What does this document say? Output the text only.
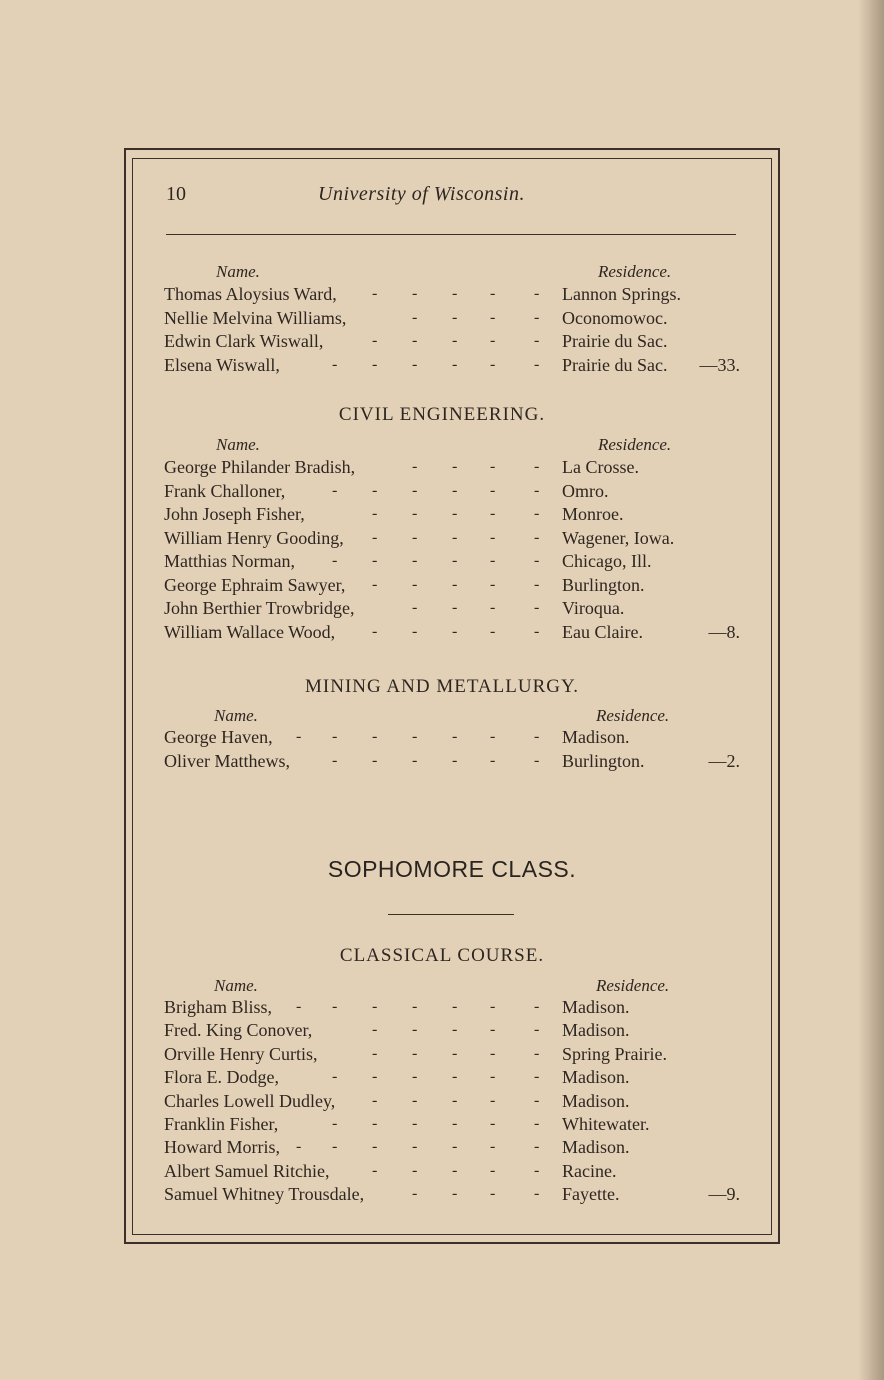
10	University of Wisconsin.
Name.	Residence.
Thomas Aloysius Ward, - - - - - Lannon Springs.
Nellie Melvina Williams,	- - - - Oconomowoc.
Edwin Clark Wiswall,	- - - - - Prairie du Sac.
Elsena Wiswall,	- - - - - - Prairie du Sac. —33.
CIVIL ENGINEERING.
Name.	Residence.
George Philander Bradish,	- - - - La Crosse.
Frank Challoner,	- - - - - - Omro.
John Joseph Fisher,	- - - - - Monroe.
William Henry Gooding, - - - - - Wagener, Iowa.
Matthias Norman, - - - - - - Chicago, Ill.
George Ephraim Sawyer, - - - - - Burlington.
John Berthier Trowbridge,	- - - - Viroqua.
William Wallace Wood, - - - - - Eau Claire.	—8.
MINING AND METALLURGY.
Name.	Residence.
George Haven, - - - - - - - Madison.
Oliver Matthews,	- - - - - - Burlington.	—2.
SOPHOMORE CLASS.
CLASSICAL COURSE.
Name.	Residence.
Brigham Bliss, - - - - - - - Madison.
Fred. King Conover,	- - - - - Madison.
Orville Henry Curtis,	- - - - - Spring Prairie.
Flora E. Dodge,	- - - - - - Madison.
Charles Lowell Dudley, - - - - - Madison.
Franklin Fisher,	- - - - - - Whitewater.
Howard Morris, - - - - - - - Madison.
Albert Samuel Ritchie,	- - - - - Racine.
Samuel Whitney Trousdale,	- - - - Fayette.	—9.
